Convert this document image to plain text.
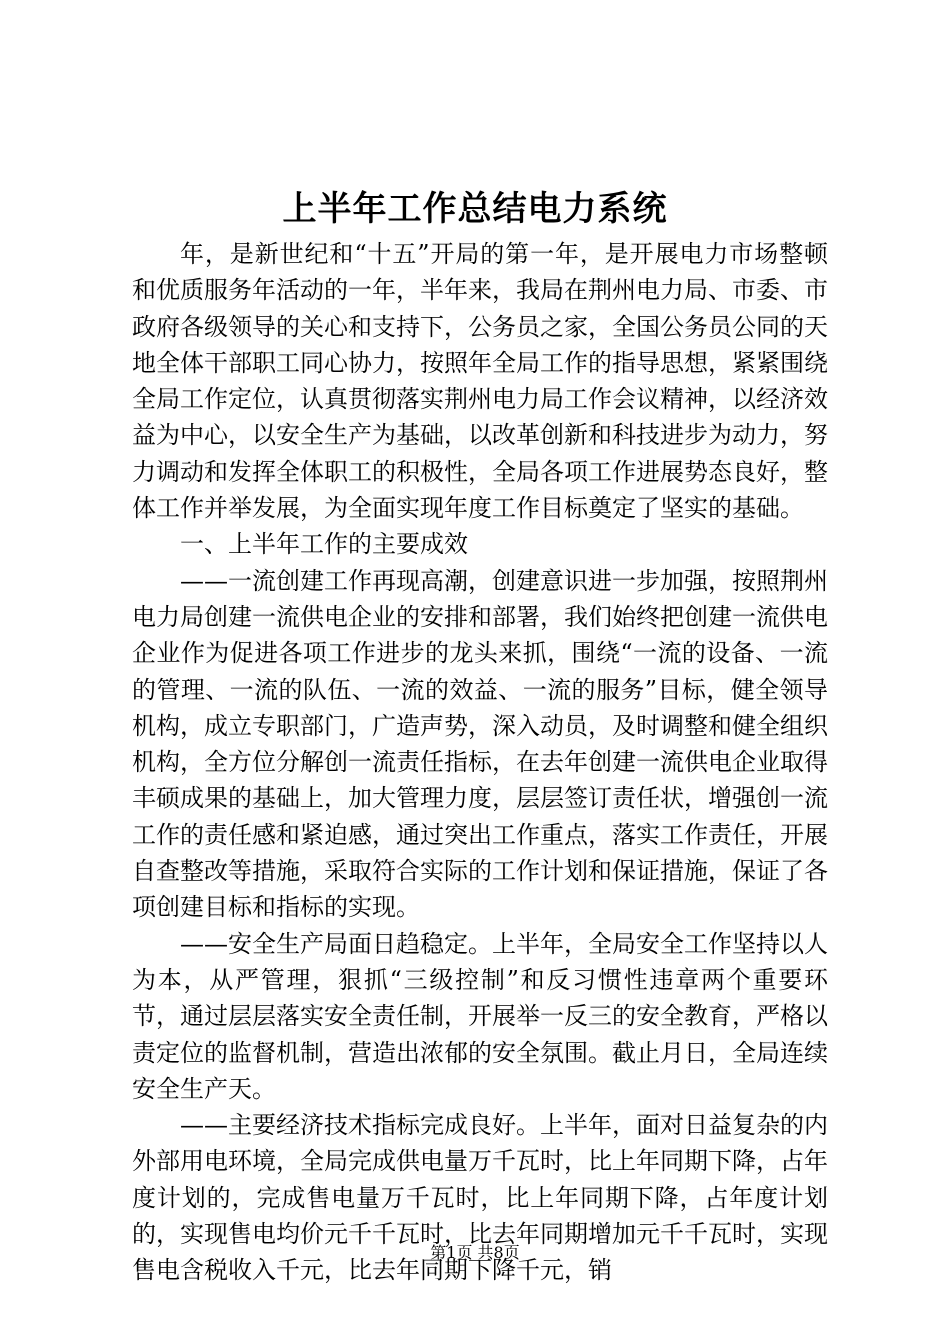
上半年工作总结电力系统

年，是新世纪和“十五”开局的第一年，是开展电力市场整顿和优质服务年活动的一年，半年来，我局在荆州电力局、市委、市政府各级领导的关心和支持下，公务员之家，全国公务员公同的天地全体干部职工同心协力，按照年全局工作的指导思想，紧紧围绕全局工作定位，认真贯彻落实荆州电力局工作会议精神，以经济效益为中心，以安全生产为基础，以改革创新和科技进步为动力，努力调动和发挥全体职工的积极性，全局各项工作进展势态良好，整体工作并举发展，为全面实现年度工作目标奠定了坚实的基础。

一、上半年工作的主要成效

——一流创建工作再现高潮，创建意识进一步加强，按照荆州电力局创建一流供电企业的安排和部署，我们始终把创建一流供电企业作为促进各项工作进步的龙头来抓，围绕“一流的设备、一流的管理、一流的队伍、一流的效益、一流的服务”目标，健全领导机构，成立专职部门，广造声势，深入动员，及时调整和健全组织机构，全方位分解创一流责任指标，在去年创建一流供电企业取得丰硕成果的基础上，加大管理力度，层层签订责任状，增强创一流工作的责任感和紧迫感，通过突出工作重点，落实工作责任，开展自查整改等措施，采取符合实际的工作计划和保证措施，保证了各项创建目标和指标的实现。

——安全生产局面日趋稳定。上半年，全局安全工作坚持以人为本，从严管理，狠抓“三级控制”和反习惯性违章两个重要环节，通过层层落实安全责任制，开展举一反三的安全教育，严格以责定位的监督机制，营造出浓郁的安全氛围。截止月日，全局连续安全生产天。

——主要经济技术指标完成良好。上半年，面对日益复杂的内外部用电环境，全局完成供电量万千瓦时，比上年同期下降，占年度计划的，完成售电量万千瓦时，比上年同期下降，占年度计划的，实现售电均价元千千瓦时，比去年同期增加元千千瓦时，实现售电含税收入千元，比去年同期下降千元，销

第1页 共8页
